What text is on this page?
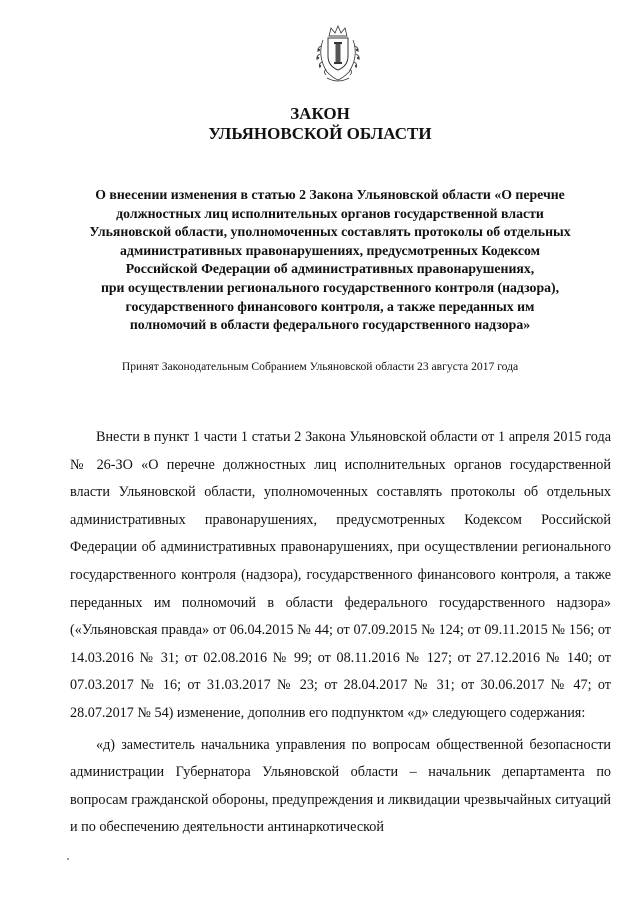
ЗАКОН
УЛЬЯНОВСКОЙ ОБЛАСТИ
О внесении изменения в статью 2 Закона Ульяновской области «О перечне
должностных лиц исполнительных органов государственной власти
Ульяновской области, уполномоченных составлять протоколы об отдельных
административных правонарушениях, предусмотренных Кодексом
Российской Федерации об административных правонарушениях,
при осуществлении регионального государственного контроля (надзора),
государственного финансового контроля, а также переданных им
полномочий в области федерального государственного надзора»
Принят Законодательным Собранием Ульяновской области 23 августа 2017 года

Внести в пункт 1 части 1 статьи 2 Закона Ульяновской области от 1 апреля 2015 года № 26-ЗО «О перечне должностных лиц исполнительных органов государственной власти Ульяновской области, уполномоченных составлять протоколы об отдельных административных правонарушениях, предусмотренных Кодексом Российской Федерации об административных правонарушениях, при осуществлении регионального государственного контроля (надзора), государственного финансового контроля, а также переданных им полномочий в области федерального государственного надзора» («Ульяновская правда» от 06.04.2015 № 44; от 07.09.2015 № 124; от 09.11.2015 № 156; от 14.03.2016 № 31; от 02.08.2016 № 99; от 08.11.2016 № 127; от 27.12.2016 № 140; от 07.03.2017 № 16; от 31.03.2017 № 23; от 28.04.2017 № 31; от 30.06.2017 № 47; от 28.07.2017 № 54) изменение, дополнив его подпунктом «д» следующего содержания:

«д) заместитель начальника управления по вопросам общественной безопасности администрации Губернатора Ульяновской области – начальник департамента по вопросам гражданской обороны, предупреждения и ликвидации чрезвычайных ситуаций и по обеспечению деятельности антинаркотической
